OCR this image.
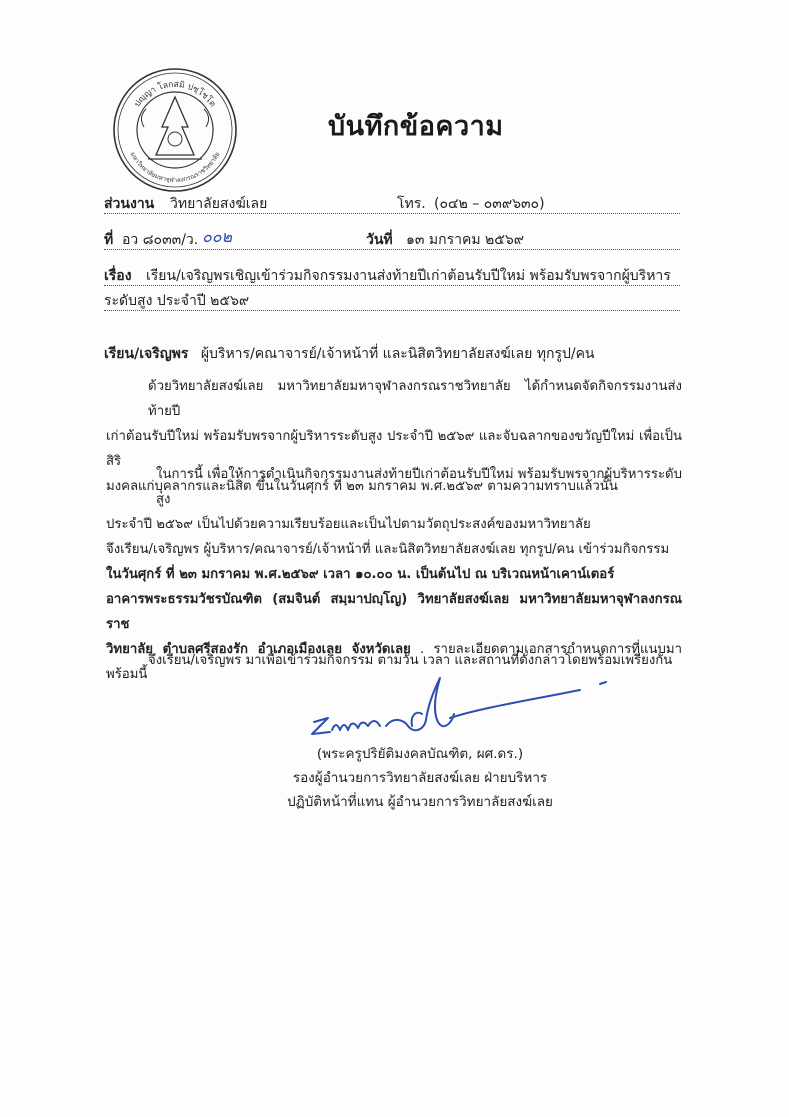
ปญฺญา โลกสมิ ปชฺโชโต
มหาวิทยาลัยมหาจุฬาลงกรณราชวิทยาลัย
บันทึกข้อความ
ส่วนงาน วิทยาลัยสงฆ์เลย	โทร. (๐๔๒ – ๐๓๙๖๓๐)
ที่ อว ๘๐๓๓/ว. ๐๐๒	วันที่ ๑๓ มกราคม ๒๕๖๙
เรื่อง เรียน/เจริญพรเชิญเข้าร่วมกิจกรรมงานส่งท้ายปีเก่าต้อนรับปีใหม่ พร้อมรับพรจากผู้บริหาร
ระดับสูง ประจำปี ๒๕๖๙
เรียน/เจริญพร ผู้บริหาร/คณาจารย์/เจ้าหน้าที่ และนิสิตวิทยาลัยสงฆ์เลย ทุกรูป/คน
ด้วยวิทยาลัยสงฆ์เลย มหาวิทยาลัยมหาจุฬาลงกรณราชวิทยาลัย ได้กำหนดจัดกิจกรรมงานส่งท้ายปี
เก่าต้อนรับปีใหม่ พร้อมรับพรจากผู้บริหารระดับสูง ประจำปี ๒๕๖๙ และจับฉลากของขวัญปีใหม่ เพื่อเป็นสิริ
มงคลแก่บุคลากรและนิสิต ขึ้นในวันศุกร์ ที่ ๒๓ มกราคม พ.ศ.๒๕๖๙ ตามความทราบแล้วนั้น
ในการนี้ เพื่อให้การดำเนินกิจกรรมงานส่งท้ายปีเก่าต้อนรับปีใหม่ พร้อมรับพรจากผู้บริหารระดับสูง
ประจำปี ๒๕๖๙ เป็นไปด้วยความเรียบร้อยและเป็นไปตามวัตถุประสงค์ของมหาวิทยาลัย
จึงเรียน/เจริญพร ผู้บริหาร/คณาจารย์/เจ้าหน้าที่ และนิสิตวิทยาลัยสงฆ์เลย ทุกรูป/คน เข้าร่วมกิจกรรม
ในวันศุกร์ ที่ ๒๓ มกราคม พ.ศ.๒๕๖๙ เวลา ๑๐.๐๐ น. เป็นต้นไป ณ บริเวณหน้าเคาน์เตอร์
อาคารพระธรรมวัชรบัณฑิต (สมจินต์ สมฺมาปญฺโญ) วิทยาลัยสงฆ์เลย มหาวิทยาลัยมหาจุฬาลงกรณราช
วิทยาลัย ตำบลศรีสองรัก อำเภอเมืองเลย จังหวัดเลย . รายละเอียดตามเอกสารกำหนดการที่แนบมาพร้อมนี้
จึงเรียน/เจริญพร มาเพื่อเข้าร่วมกิจกรรม ตามวัน เวลา และสถานที่ดังกล่าวโดยพร้อมเพรียงกัน
(พระครูปริยัติมงคลบัณฑิต, ผศ.ดร.)
รองผู้อำนวยการวิทยาลัยสงฆ์เลย ฝ่ายบริหาร
ปฏิบัติหน้าที่แทน ผู้อำนวยการวิทยาลัยสงฆ์เลย
